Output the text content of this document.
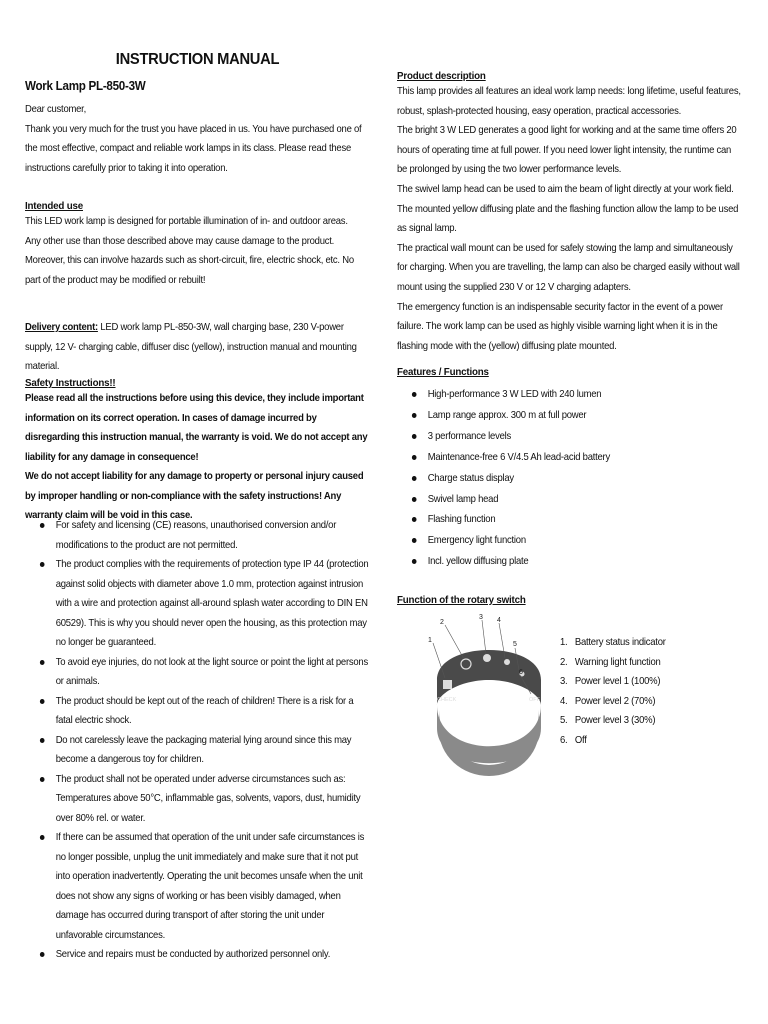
INSTRUCTION MANUAL

Work Lamp PL-850-3W

Dear customer,

Thank you very much for the trust you have placed in us. You have purchased one of the most effective, compact and reliable work lamps in its class. Please read these instructions carefully prior to taking it into operation.

Intended use

This LED work lamp is designed for portable illumination of in- and outdoor areas.

Any other use than those described above may cause damage to the product. Moreover, this can involve hazards such as short-circuit, fire, electric shock, etc. No part of the product may be modified or rebuilt!

Delivery content: LED work lamp PL-850-3W, wall charging base, 230 V-power supply, 12 V- charging cable, diffuser disc (yellow), instruction manual and mounting material.

Safety Instructions!!

Please read all the instructions before using this device, they include important information on its correct operation. In cases of damage incurred by disregarding this instruction manual, the warranty is void. We do not accept any liability for any damage in consequence!

We do not accept liability for any damage to property or personal injury caused by improper handling or non-compliance with the safety instructions! Any warranty claim will be void in this case.

For safety and licensing (CE) reasons, unauthorised conversion and/or modifications to the product are not permitted.
The product complies with the requirements of protection type IP 44 (protection against solid objects with diameter above 1.0 mm, protection against intrusion with a wire and protection against all-around splash water according to DIN EN 60529). This is why you should never open the housing, as this protection may no longer be guaranteed.
To avoid eye injuries, do not look at the light source or point the light at persons or animals.
The product should be kept out of the reach of children! There is a risk for a fatal electric shock.
Do not carelessly leave the packaging material lying around since this may become a dangerous toy for children.
The product shall not be operated under adverse circumstances such as: Temperatures above 50°C, inflammable gas, solvents, vapors, dust, humidity over 80% rel. or water.
If there can be assumed that operation of the unit under safe circumstances is no longer possible, unplug the unit immediately and make sure that it not put into operation inadvertently. Operating the unit becomes unsafe when the unit does not show any signs of working or has been visibly damaged, when damage has occurred during transport of after storing the unit under unfavorable circumstances.
Service and repairs must be conducted by authorized personnel only.

Product description

This lamp provides all features an ideal work lamp needs: long lifetime, useful features, robust, splash-protected housing, easy operation, practical accessories.

The bright 3 W LED generates a good light for working and at the same time offers 20 hours of operating time at full power. If you need lower light intensity, the runtime can be prolonged by using the two lower performance levels.

The swivel lamp head can be used to aim the beam of light directly at your work field. The mounted yellow diffusing plate and the flashing function allow the lamp to be used as signal lamp.

The practical wall mount can be used for safely stowing the lamp and simultaneously for charging. When you are travelling, the lamp can also be charged easily without wall mount using the supplied 230 V or 12 V charging adapters.

The emergency function is an indispensable security factor in the event of a power failure. The work lamp can be used as highly visible warning light when it is in the flashing mode with the (yellow) diffusing plate mounted.

Features / Functions

High-performance 3 W LED with 240 lumen
Lamp range approx. 300 m at full power
3 performance levels
Maintenance-free 6 V/4.5 Ah lead-acid battery
Charge status display
Swivel lamp head
Flashing function
Emergency light function
Incl. yellow diffusing plate

Function of the rotary switch

CHECK	OFF
1
2
3 4
5
6
1. Battery status indicator
2. Warning light function
3. Power level 1 (100%)
4. Power level 2 (70%)
5. Power level 3 (30%)
6. Off
